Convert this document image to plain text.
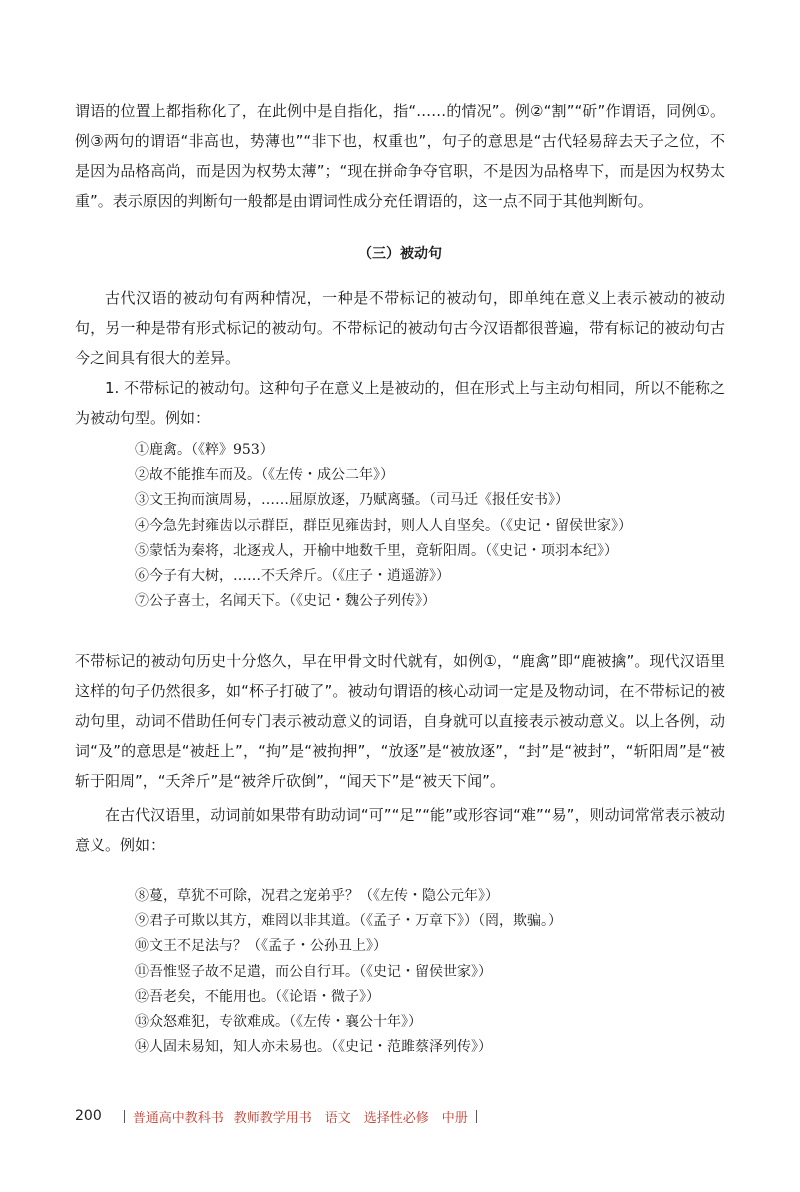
谓语的位置上都指称化了，在此例中是自指化，指“……的情况”。例②“割”“斫”作谓语，同例①。例③两句的谓语“非高也，势薄也”“非下也，权重也”，句子的意思是“古代轻易辞去天子之位，不是因为品格高尚，而是因为权势太薄”；“现在拼命争夺官职，不是因为品格卑下，而是因为权势太重”。表示原因的判断句一般都是由谓词性成分充任谓语的，这一点不同于其他判断句。

（三）被动句

古代汉语的被动句有两种情况，一种是不带标记的被动句，即单纯在意义上表示被动的被动句，另一种是带有形式标记的被动句。不带标记的被动句古今汉语都很普遍，带有标记的被动句古今之间具有很大的差异。

1. 不带标记的被动句。这种句子在意义上是被动的，但在形式上与主动句相同，所以不能称之为被动句型。例如：

①鹿禽。（《粹》953）
②故不能推车而及。（《左传・成公二年》）
③文王拘而演周易，……屈原放逐，乃赋离骚。（司马迁《报任安书》）
④今急先封雍齿以示群臣，群臣见雍齿封，则人人自坚矣。（《史记・留侯世家》）
⑤蒙恬为秦将，北逐戎人，开榆中地数千里，竟斩阳周。（《史记・项羽本纪》）
⑥今子有大树，……不夭斧斤。（《庄子・逍遥游》）
⑦公子喜士，名闻天下。（《史记・魏公子列传》）

不带标记的被动句历史十分悠久，早在甲骨文时代就有，如例①，“鹿禽”即“鹿被擒”。现代汉语里这样的句子仍然很多，如“杯子打破了”。被动句谓语的核心动词一定是及物动词，在不带标记的被动句里，动词不借助任何专门表示被动意义的词语，自身就可以直接表示被动意义。以上各例，动词“及”的意思是“被赶上”，“拘”是“被拘押”，“放逐”是“被放逐”，“封”是“被封”，“斩阳周”是“被斩于阳周”，“夭斧斤”是“被斧斤砍倒”，“闻天下”是“被天下闻”。

在古代汉语里，动词前如果带有助动词“可”“足”“能”或形容词“难”“易”，则动词常常表示被动意义。例如：

⑧蔓，草犹不可除，况君之宠弟乎？（《左传・隐公元年》）
⑨君子可欺以其方，难罔以非其道。（《孟子・万章下》）（罔，欺骗。）
⑩文王不足法与？（《孟子・公孙丑上》）
⑪吾惟竖子故不足遣，而公自行耳。（《史记・留侯世家》）
⑫吾老矣，不能用也。（《论语・微子》）
⑬众怒难犯，专欲难成。（《左传・襄公十年》）
⑭人固未易知，知人亦未易也。（《史记・范雎蔡泽列传》）
200 普通高中教科书 教师教学用书　语文　选择性必修　中册
